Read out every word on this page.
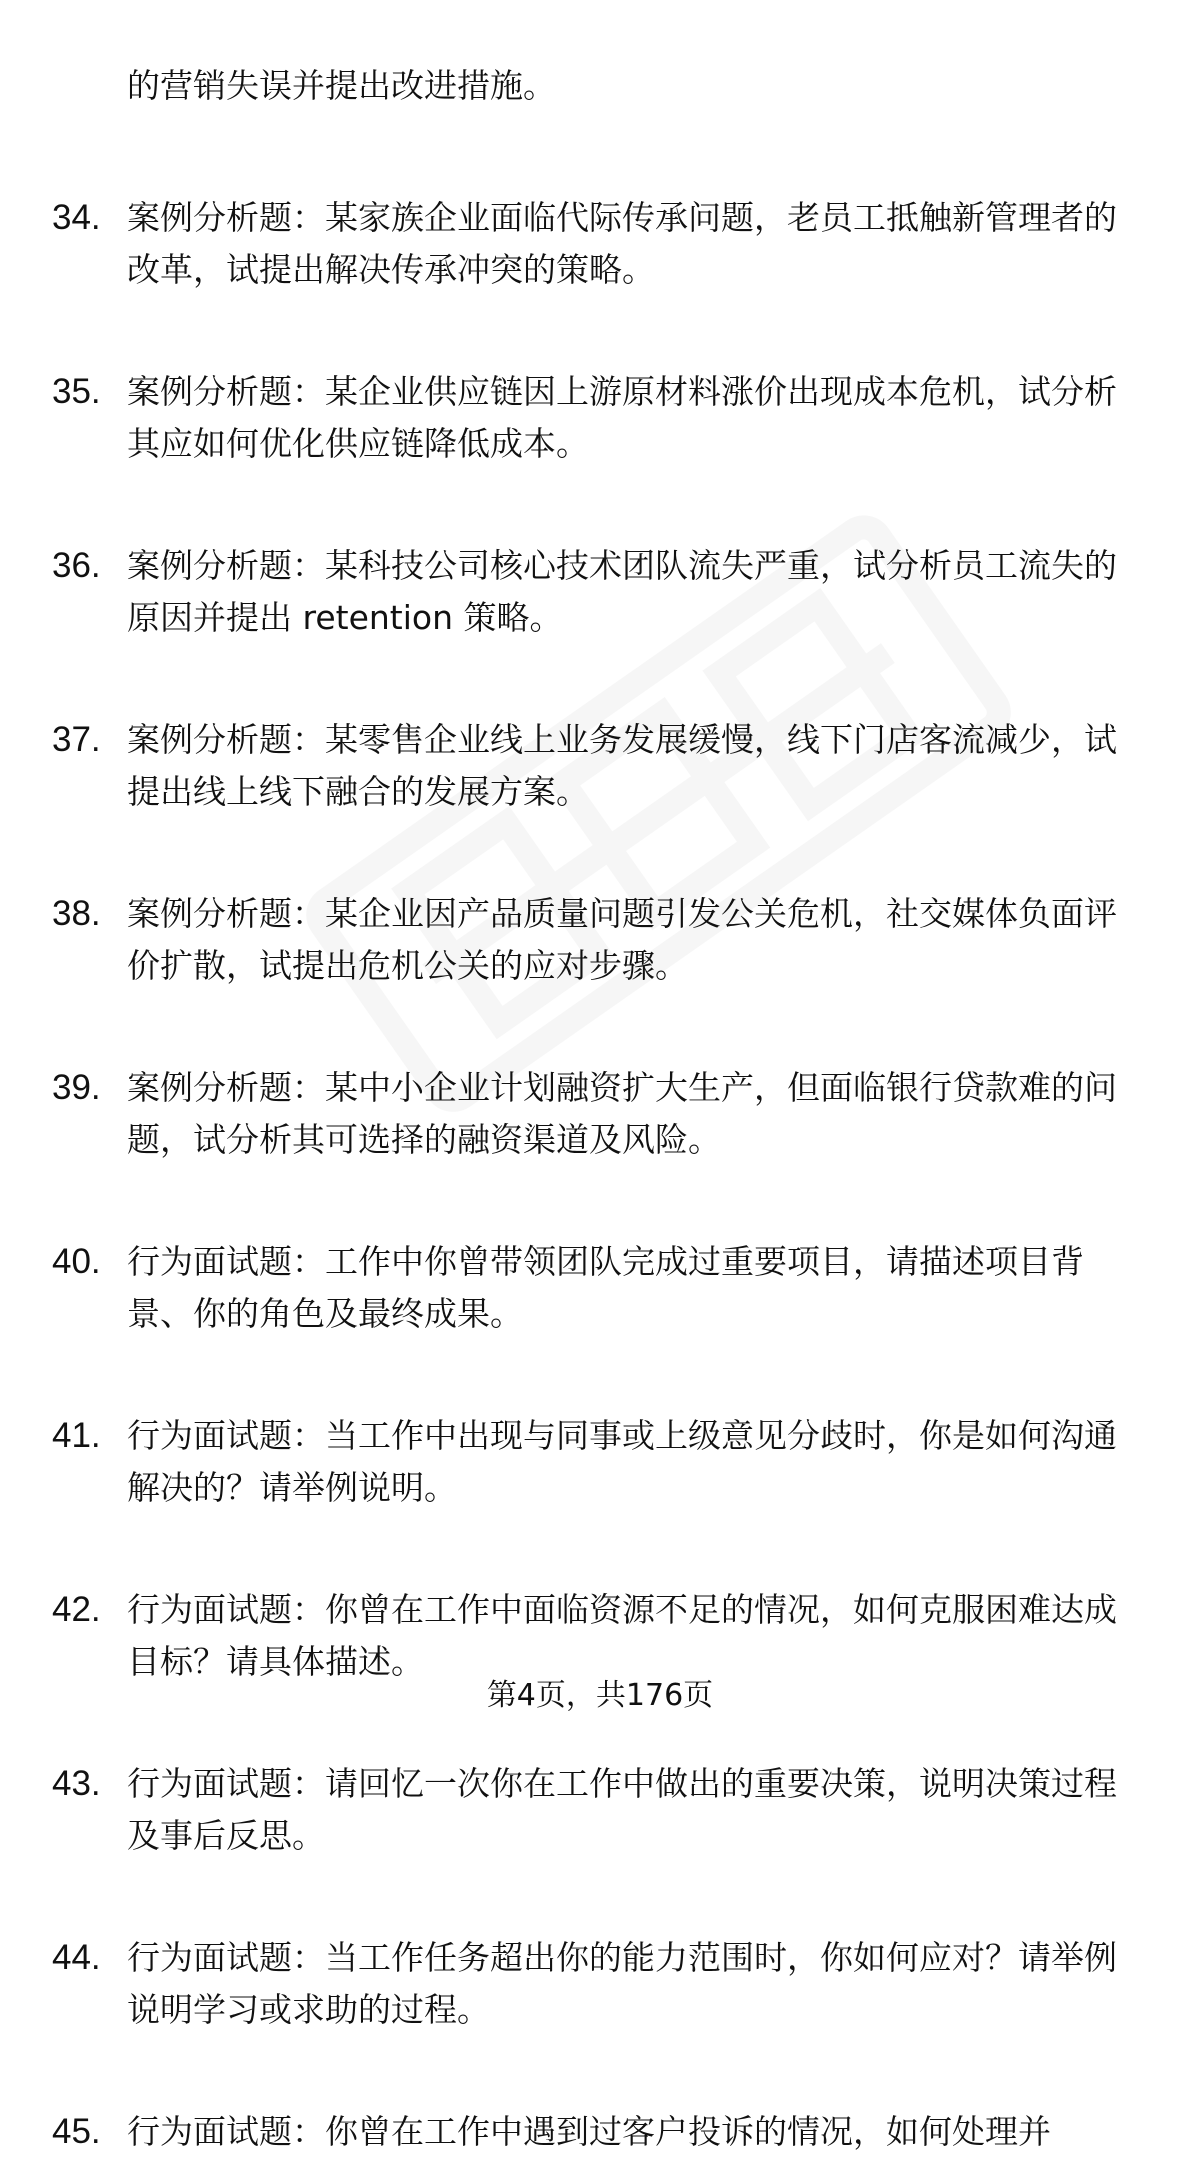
的营销失误并提出改进措施。
34. 案例分析题：某家族企业面临代际传承问题，老员工抵触新管理者的改革，试提出解决传承冲突的策略。
35. 案例分析题：某企业供应链因上游原材料涨价出现成本危机，试分析其应如何优化供应链降低成本。
36. 案例分析题：某科技公司核心技术团队流失严重，试分析员工流失的原因并提出 retention 策略。
37. 案例分析题：某零售企业线上业务发展缓慢，线下门店客流减少，试提出线上线下融合的发展方案。
38. 案例分析题：某企业因产品质量问题引发公关危机，社交媒体负面评价扩散，试提出危机公关的应对步骤。
39. 案例分析题：某中小企业计划融资扩大生产，但面临银行贷款难的问题，试分析其可选择的融资渠道及风险。
40. 行为面试题：工作中你曾带领团队完成过重要项目，请描述项目背景、你的角色及最终成果。
41. 行为面试题：当工作中出现与同事或上级意见分歧时，你是如何沟通解决的？请举例说明。
42. 行为面试题：你曾在工作中面临资源不足的情况，如何克服困难达成目标？请具体描述。
43. 行为面试题：请回忆一次你在工作中做出的重要决策，说明决策过程及事后反思。
44. 行为面试题：当工作任务超出你的能力范围时，你如何应对？请举例说明学习或求助的过程。
45. 行为面试题：你曾在工作中遇到过客户投诉的情况，如何处理并
第4页，共176页
